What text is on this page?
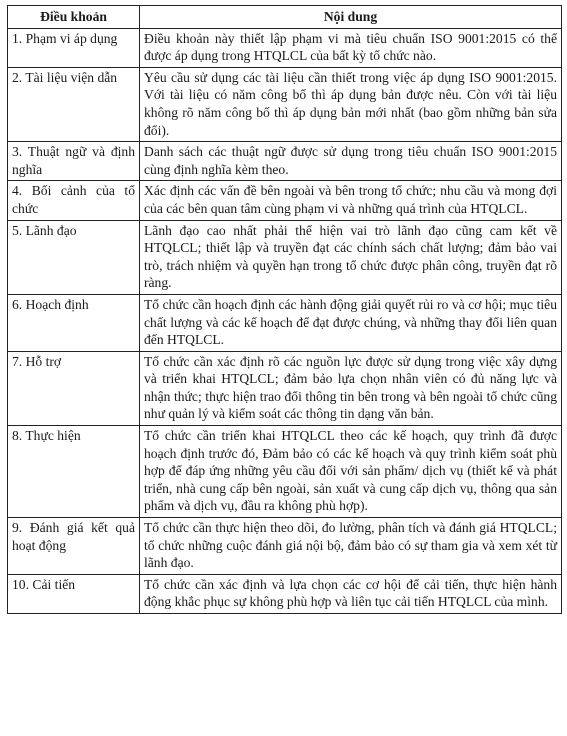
Điều khoản	Nội dung
1. Phạm vi áp dụng	Điều khoản này thiết lập phạm vi mà tiêu chuẩn ISO 9001:2015 có thể được áp dụng trong HTQLCL của bất kỳ tổ chức nào.
2. Tài liệu viện dẫn	Yêu cầu sử dụng các tài liệu cần thiết trong việc áp dụng ISO 9001:2015. Với tài liệu có năm công bố thì áp dụng bản được nêu. Còn với tài liệu không rõ năm công bố thì áp dụng bản mới nhất (bao gồm những bản sửa đổi).
3. Thuật ngữ và định nghĩa	Danh sách các thuật ngữ được sử dụng trong tiêu chuẩn ISO 9001:2015 cùng định nghĩa kèm theo.
4. Bối cảnh của tổ chức	Xác định các vấn đề bên ngoài và bên trong tổ chức; nhu cầu và mong đợi của các bên quan tâm cùng phạm vi và những quá trình của HTQLCL.
5. Lãnh đạo	Lãnh đạo cao nhất phải thể hiện vai trò lãnh đạo cũng cam kết về HTQLCL; thiết lập và truyền đạt các chính sách chất lượng; đảm bảo vai trò, trách nhiệm và quyền hạn trong tổ chức được phân công, truyền đạt rõ ràng.
6. Hoạch định	Tổ chức cần hoạch định các hành động giải quyết rủi ro và cơ hội; mục tiêu chất lượng và các kế hoạch để đạt được chúng, và những thay đổi liên quan đến HTQLCL.
7. Hỗ trợ	Tổ chức cần xác định rõ các nguồn lực được sử dụng trong việc xây dựng và triển khai HTQLCL; đảm bảo lựa chọn nhân viên có đủ năng lực và nhận thức; thực hiện trao đổi thông tin bên trong và bên ngoài tổ chức cũng như quản lý và kiểm soát các thông tin dạng văn bản.
8. Thực hiện	Tổ chức cần triển khai HTQLCL theo các kế hoạch, quy trình đã được hoạch định trước đó, Đảm bảo có các kế hoạch và quy trình kiểm soát phù hợp để đáp ứng những yêu cầu đối với sản phẩm/ dịch vụ (thiết kế và phát triển, nhà cung cấp bên ngoài, sản xuất và cung cấp dịch vụ, thông qua sản phẩm và dịch vụ, đầu ra không phù hợp).
9. Đánh giá kết quả hoạt động	Tổ chức cần thực hiện theo dõi, đo lường, phân tích và đánh giá HTQLCL; tổ chức những cuộc đánh giá nội bộ, đảm bảo có sự tham gia và xem xét từ lãnh đạo.
10. Cải tiến	Tổ chức cần xác định và lựa chọn các cơ hội để cải tiến, thực hiện hành động khắc phục sự không phù hợp và liên tục cải tiến HTQLCL của mình.
